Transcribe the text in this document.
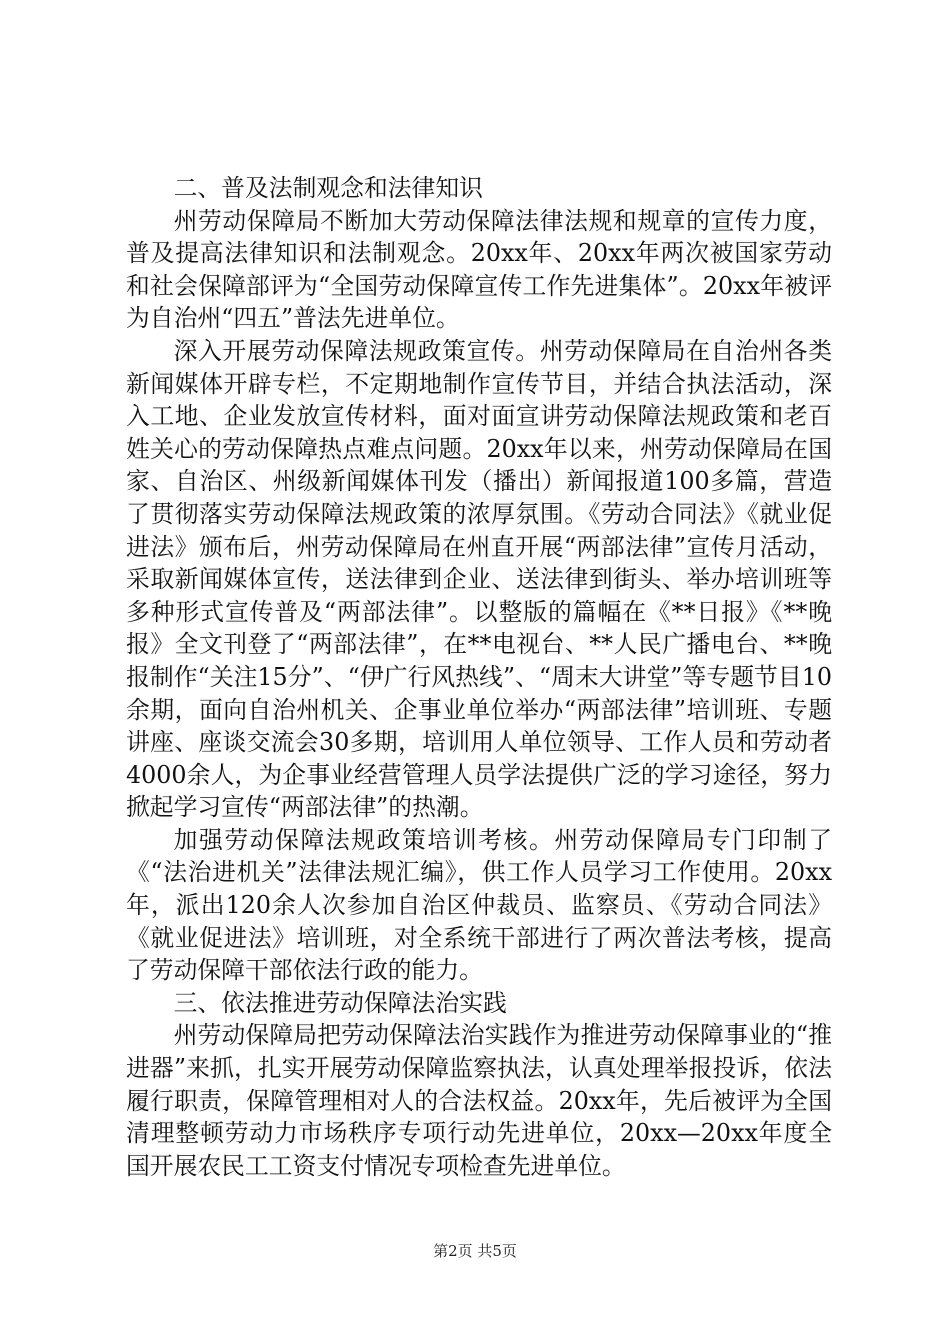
二、普及法制观念和法律知识

州劳动保障局不断加大劳动保障法律法规和规章的宣传力度，普及提高法律知识和法制观念。20xx年、20xx年两次被国家劳动和社会保障部评为“全国劳动保障宣传工作先进集体”。20xx年被评为自治州“四五”普法先进单位。

深入开展劳动保障法规政策宣传。州劳动保障局在自治州各类新闻媒体开辟专栏，不定期地制作宣传节目，并结合执法活动，深入工地、企业发放宣传材料，面对面宣讲劳动保障法规政策和老百姓关心的劳动保障热点难点问题。20xx年以来，州劳动保障局在国家、自治区、州级新闻媒体刊发（播出）新闻报道100多篇，营造了贯彻落实劳动保障法规政策的浓厚氛围。《劳动合同法》《就业促进法》颁布后，州劳动保障局在州直开展“两部法律”宣传月活动，采取新闻媒体宣传，送法律到企业、送法律到街头、举办培训班等多种形式宣传普及“两部法律”。以整版的篇幅在《**日报》《**晚报》全文刊登了“两部法律”，在**电视台、**人民广播电台、**晚报制作“关注15分”、“伊广行风热线”、“周末大讲堂”等专题节目10余期，面向自治州机关、企事业单位举办“两部法律”培训班、专题讲座、座谈交流会30多期，培训用人单位领导、工作人员和劳动者4000余人，为企事业经营管理人员学法提供广泛的学习途径，努力掀起学习宣传“两部法律”的热潮。

加强劳动保障法规政策培训考核。州劳动保障局专门印制了《“法治进机关”法律法规汇编》，供工作人员学习工作使用。20xx年，派出120余人次参加自治区仲裁员、监察员、《劳动合同法》《就业促进法》培训班，对全系统干部进行了两次普法考核，提高了劳动保障干部依法行政的能力。

三、依法推进劳动保障法治实践

州劳动保障局把劳动保障法治实践作为推进劳动保障事业的“推进器”来抓，扎实开展劳动保障监察执法，认真处理举报投诉，依法履行职责，保障管理相对人的合法权益。20xx年，先后被评为全国清理整顿劳动力市场秩序专项行动先进单位，20xx—20xx年度全国开展农民工工资支付情况专项检查先进单位。

第2页 共5页
